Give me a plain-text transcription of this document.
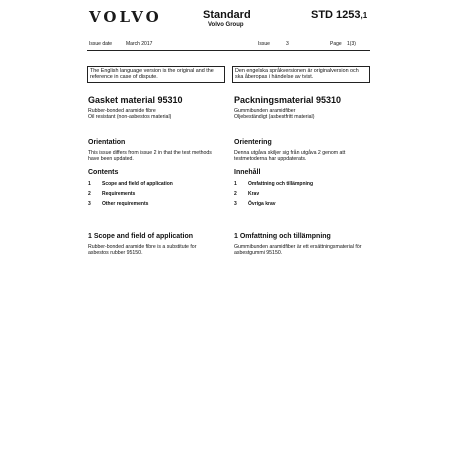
VOLVO	Standard
Volvo Group
STD 1253,1
Issue date	March 2017	Issue	3	Page 1(3)
The English language version is the original and the reference in case of dispute.
Den engelska språkversionen är originalversion och ska åberopas i händelse av tvist.
Gasket material 95310
Rubber-bonded aramide fibre
Oil resistant (non-asbestos material)
Orientation
This issue differs from issue 2 in that the test methods have been updated.
Contents
1 Scope and field of application
2 Requirements
3 Other requirements
1 Scope and field of application
Rubber-bonded aramide fibre is a substitute for asbestos rubber 95150.
Packningsmaterial 95310
Gummibunden aramidfiber
Oljebeständigt (asbestfritt material)
Orientering
Denna utgåva skiljer sig från utgåva 2 genom att testmetoderna har uppdaterats.
Innehåll
1 Omfattning och tillämpning
2 Krav
3 Övriga krav
1 Omfattning och tillämpning
Gummibunden aramidfiber är ett ersättningsmaterial för asbestgummi 95150.
